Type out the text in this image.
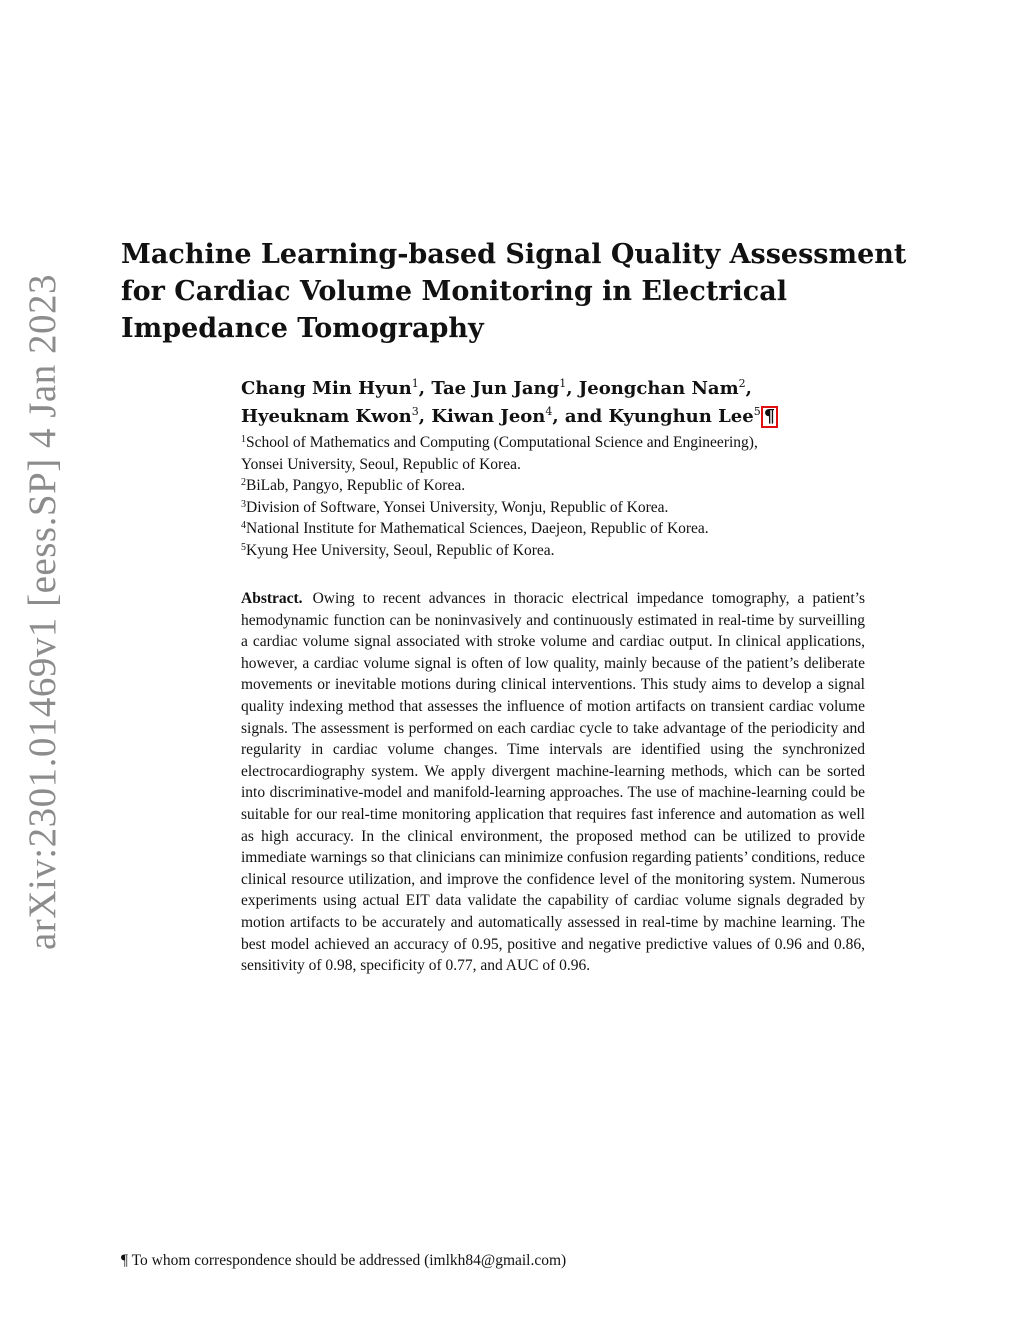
arXiv:2301.01469v1 [eess.SP] 4 Jan 2023
Machine Learning-based Signal Quality Assessment
for Cardiac Volume Monitoring in Electrical
Impedance Tomography
Chang Min Hyun$^1$, Tae Jun Jang$^1$, Jeongchan Nam$^2$,
Hyeuknam Kwon$^3$, Kiwan Jeon$^4$, and Kyunghun Lee$^5$ ¶
$^1$School of Mathematics and Computing (Computational Science and Engineering),
Yonsei University, Seoul, Republic of Korea.
$^2$BiLab, Pangyo, Republic of Korea.
$^3$Division of Software, Yonsei University, Wonju, Republic of Korea.
$^4$National Institute for Mathematical Sciences, Daejeon, Republic of Korea.
$^5$Kyung Hee University, Seoul, Republic of Korea.
Abstract. Owing to recent advances in thoracic electrical impedance tomography, a patient’s hemodynamic function can be noninvasively and continuously estimated in real-time by surveilling a cardiac volume signal associated with stroke volume and cardiac output. In clinical applications, however, a cardiac volume signal is often of low quality, mainly because of the patient’s deliberate movements or inevitable motions during clinical interventions. This study aims to develop a signal quality indexing method that assesses the influence of motion artifacts on transient cardiac volume signals. The assessment is performed on each cardiac cycle to take advantage of the periodicity and regularity in cardiac volume changes. Time intervals are identified using the synchronized electrocardiography system. We apply divergent machine-learning methods, which can be sorted into discriminative-model and manifold-learning approaches. The use of machine-learning could be suitable for our real-time monitoring application that requires fast inference and automation as well as high accuracy. In the clinical environment, the proposed method can be utilized to provide immediate warnings so that clinicians can minimize confusion regarding patients’ conditions, reduce clinical resource utilization, and improve the confidence level of the monitoring system. Numerous experiments using actual EIT data validate the capability of cardiac volume signals degraded by motion artifacts to be accurately and automatically assessed in real-time by machine learning. The best model achieved an accuracy of 0.95, positive and negative predictive values of 0.96 and 0.86, sensitivity of 0.98, specificity of 0.77, and AUC of 0.96.
¶ To whom correspondence should be addressed (imlkh84@gmail.com)
